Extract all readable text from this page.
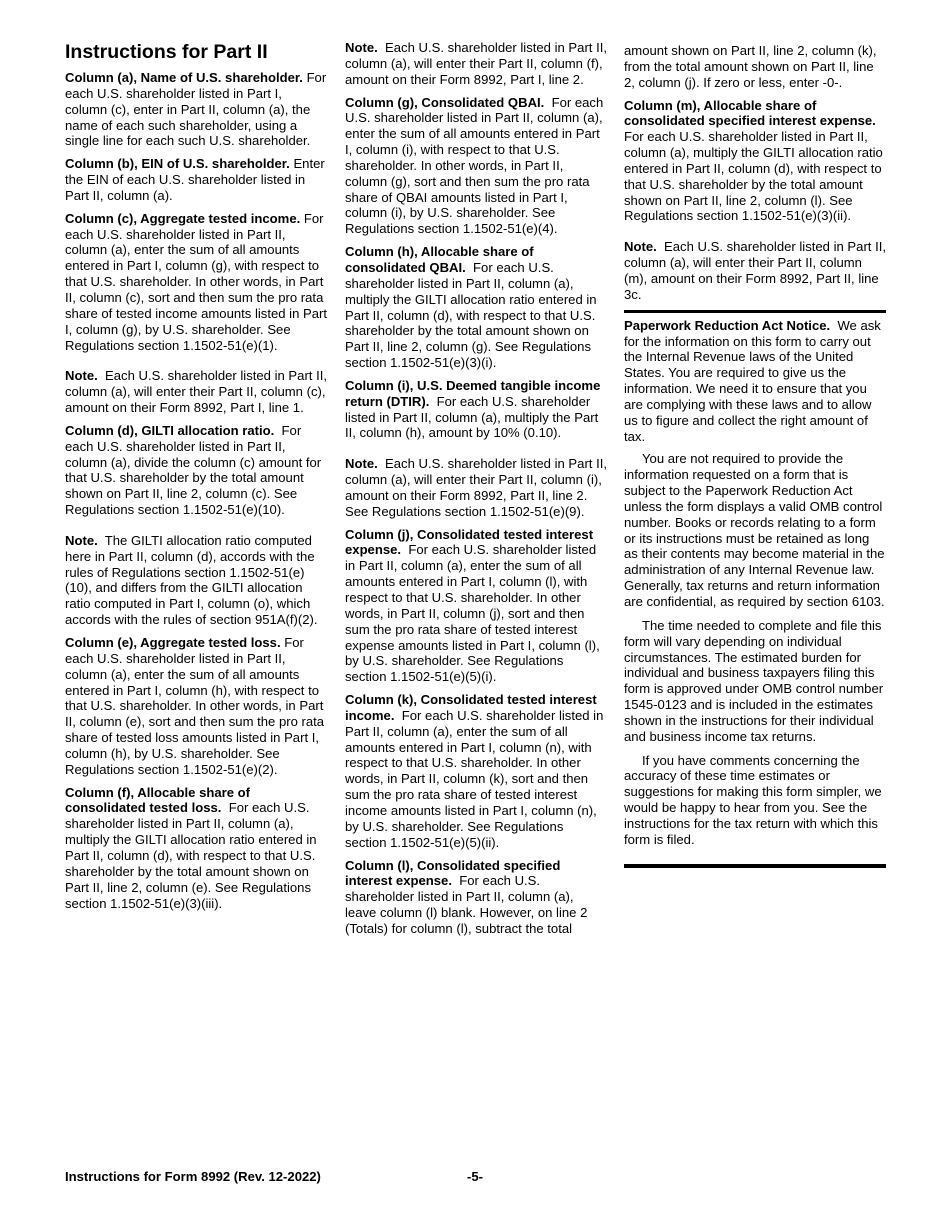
Instructions for Part II

Column (a), Name of U.S. shareholder. For each U.S. shareholder listed in Part I, column (c), enter in Part II, column (a), the name of each such shareholder, using a single line for each such U.S. shareholder.

Column (b), EIN of U.S. shareholder. Enter the EIN of each U.S. shareholder listed in Part II, column (a).

Column (c), Aggregate tested income. For each U.S. shareholder listed in Part II, column (a), enter the sum of all amounts entered in Part I, column (g), with respect to that U.S. shareholder. In other words, in Part II, column (c), sort and then sum the pro rata share of tested income amounts listed in Part I, column (g), by U.S. shareholder. See Regulations section 1.1502-51(e)(1).

Note. Each U.S. shareholder listed in Part II, column (a), will enter their Part II, column (c), amount on their Form 8992, Part I, line 1.

Column (d), GILTI allocation ratio. For each U.S. shareholder listed in Part II, column (a), divide the column (c) amount for that U.S. shareholder by the total amount shown on Part II, line 2, column (c). See Regulations section 1.1502-51(e)(10).

Note. The GILTI allocation ratio computed here in Part II, column (d), accords with the rules of Regulations section 1.1502-51(e)(10), and differs from the GILTI allocation ratio computed in Part I, column (o), which accords with the rules of section 951A(f)(2).

Column (e), Aggregate tested loss. For each U.S. shareholder listed in Part II, column (a), enter the sum of all amounts entered in Part I, column (h), with respect to that U.S. shareholder. In other words, in Part II, column (e), sort and then sum the pro rata share of tested loss amounts listed in Part I, column (h), by U.S. shareholder. See Regulations section 1.1502-51(e)(2).

Column (f), Allocable share of consolidated tested loss. For each U.S. shareholder listed in Part II, column (a), multiply the GILTI allocation ratio entered in Part II, column (d), with respect to that U.S. shareholder by the total amount shown on Part II, line 2, column (e). See Regulations section 1.1502-51(e)(3)(iii).

Note. Each U.S. shareholder listed in Part II, column (a), will enter their Part II, column (f), amount on their Form 8992, Part I, line 2.

Column (g), Consolidated QBAI. For each U.S. shareholder listed in Part II, column (a), enter the sum of all amounts entered in Part I, column (i), with respect to that U.S. shareholder. In other words, in Part II, column (g), sort and then sum the pro rata share of QBAI amounts listed in Part I, column (i), by U.S. shareholder. See Regulations section 1.1502-51(e)(4).

Column (h), Allocable share of consolidated QBAI. For each U.S. shareholder listed in Part II, column (a), multiply the GILTI allocation ratio entered in Part II, column (d), with respect to that U.S. shareholder by the total amount shown on Part II, line 2, column (g). See Regulations section 1.1502-51(e)(3)(i).

Column (i), U.S. Deemed tangible income return (DTIR). For each U.S. shareholder listed in Part II, column (a), multiply the Part II, column (h), amount by 10% (0.10).

Note. Each U.S. shareholder listed in Part II, column (a), will enter their Part II, column (i), amount on their Form 8992, Part II, line 2. See Regulations section 1.1502-51(e)(9).

Column (j), Consolidated tested interest expense. For each U.S. shareholder listed in Part II, column (a), enter the sum of all amounts entered in Part I, column (l), with respect to that U.S. shareholder. In other words, in Part II, column (j), sort and then sum the pro rata share of tested interest expense amounts listed in Part I, column (l), by U.S. shareholder. See Regulations section 1.1502-51(e)(5)(i).

Column (k), Consolidated tested interest income. For each U.S. shareholder listed in Part II, column (a), enter the sum of all amounts entered in Part I, column (n), with respect to that U.S. shareholder. In other words, in Part II, column (k), sort and then sum the pro rata share of tested interest income amounts listed in Part I, column (n), by U.S. shareholder. See Regulations section 1.1502-51(e)(5)(ii).

Column (l), Consolidated specified interest expense. For each U.S. shareholder listed in Part II, column (a), leave column (l) blank. However, on line 2 (Totals) for column (l), subtract the total

amount shown on Part II, line 2, column (k), from the total amount shown on Part II, line 2, column (j). If zero or less, enter -0-.

Column (m), Allocable share of consolidated specified interest expense. For each U.S. shareholder listed in Part II, column (a), multiply the GILTI allocation ratio entered in Part II, column (d), with respect to that U.S. shareholder by the total amount shown on Part II, line 2, column (l). See Regulations section 1.1502-51(e)(3)(ii).

Note. Each U.S. shareholder listed in Part II, column (a), will enter their Part II, column (m), amount on their Form 8992, Part II, line 3c.

Paperwork Reduction Act Notice. We ask for the information on this form to carry out the Internal Revenue laws of the United States. You are required to give us the information. We need it to ensure that you are complying with these laws and to allow us to figure and collect the right amount of tax.

You are not required to provide the information requested on a form that is subject to the Paperwork Reduction Act unless the form displays a valid OMB control number. Books or records relating to a form or its instructions must be retained as long as their contents may become material in the administration of any Internal Revenue law. Generally, tax returns and return information are confidential, as required by section 6103.

The time needed to complete and file this form will vary depending on individual circumstances. The estimated burden for individual and business taxpayers filing this form is approved under OMB control number 1545-0123 and is included in the estimates shown in the instructions for their individual and business income tax returns.

If you have comments concerning the accuracy of these time estimates or suggestions for making this form simpler, we would be happy to hear from you. See the instructions for the tax return with which this form is filed.

Instructions for Form 8992 (Rev. 12-2022)	-5-
